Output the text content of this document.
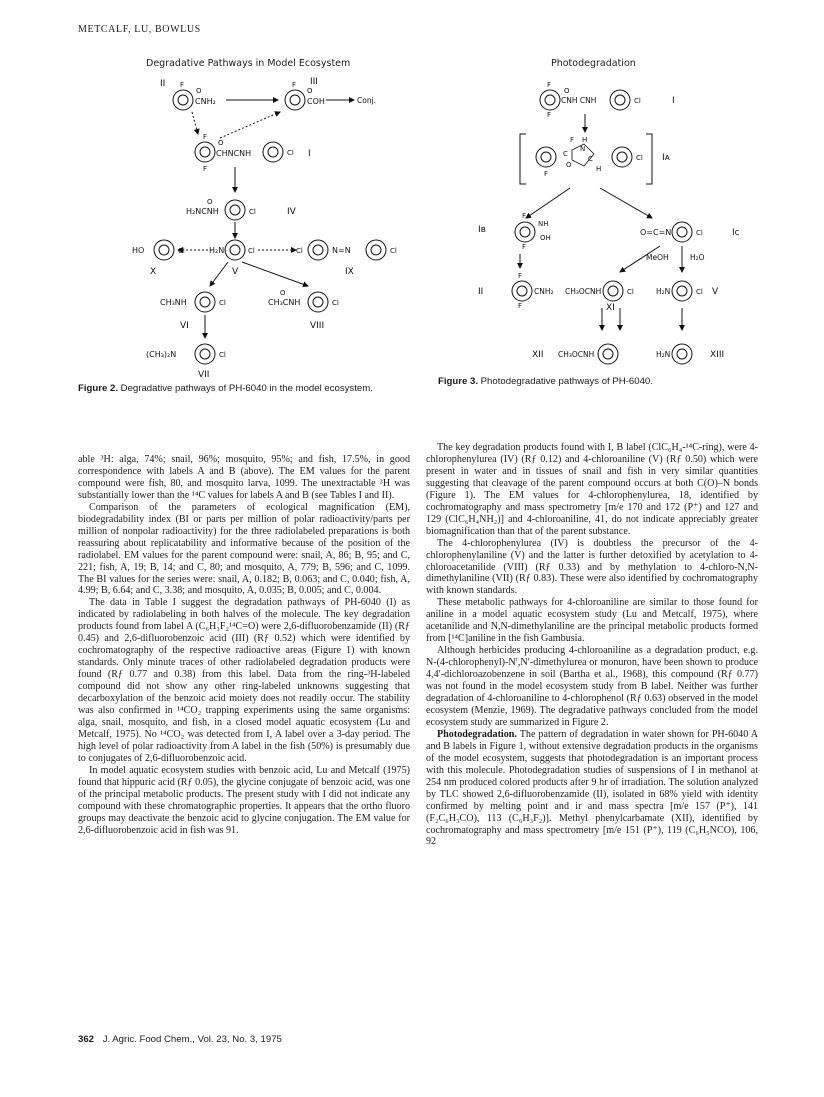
METCALF, LU, BOWLUS
Degradative Pathways in Model Ecosystem
II	III
F
O
CNH₂
F
O
COH	Conj.
F
O
CHNCNH	Cl I
F
O
H₂NCNH	Cl	IV
HO	Cl	H₂N	Cl	Cl	N=N	Cl
X	V	IX
CH₃NH	Cl
O
CH₃CNH	Cl
VI	VIII
(CH₃)₂N	Cl
VII
Figure 2. Degradative pathways of PH-6040 in the model ecosystem.
Photodegradation
F
O
CNH CNH	Cl	I
F
F H
N
C
C
O	H
Cl Iᴀ
F
Iʙ
F
NH
OH
F
O=C=N	Cl	Ic
MeOH	H₂O
II
F
CNH₂
F
CH₃OCNH	Cl
XI
H₂N	Cl V
XII CH₃OCNH	H₂N	XIII
Figure 3. Photodegradative pathways of PH-6040.

able ³H: alga, 74%; snail, 96%; mosquito, 95%; and fish, 17.5%, in good correspondence with labels A and B (above). The EM values for the parent compound were fish, 80, and mosquito larva, 1099. The unextractable ³H was substantially lower than the ¹⁴C values for labels A and B (see Tables I and II).

Comparison of the parameters of ecological magnification (EM), biodegradability index (BI or parts per million of polar radioactivity/parts per million of nonpolar radioactivity) for the three radiolabeled preparations is both reassuring about replicatability and informative because of the position of the radiolabel. EM values for the parent compound were: snail, A, 86; B, 95; and C, 221; fish, A, 19; B, 14; and C, 80; and mosquito, A, 779; B, 596; and C, 1099. The BI values for the series were: snail, A, 0.182; B, 0.063; and C, 0.040; fish, A, 4.99; B, 6.64; and C, 3.38; and mosquito, A, 0.035; B, 0.005; and C, 0.004.

The data in Table I suggest the degradation pathways of PH-6040 (I) as indicated by radiolabeling in both halves of the molecule. The key degradation products found from label A (C₆H₃F₂¹⁴C=O) were 2,6-difluorobenzamide (II) (Rƒ 0.45) and 2,6-difluorobenzoic acid (III) (Rƒ 0.52) which were identified by cochromatography of the respective radioactive areas (Figure 1) with known standards. Only minute traces of other radiolabeled degradation products were found (Rƒ 0.77 and 0.38) from this label. Data from the ring-³H-labeled compound did not show any other ring-labeled unknowns suggesting that decarboxylation of the benzoic acid moiety does not readily occur. The stability was also confirmed in ¹⁴CO₂ trapping experiments using the same organisms: alga, snail, mosquito, and fish, in a closed model aquatic ecosystem (Lu and Metcalf, 1975). No ¹⁴CO₂ was detected from I, A label over a 3-day period. The high level of polar radioactivity from A label in the fish (50%) is presumably due to conjugates of 2,6-difluorobenzoic acid.

In model aquatic ecosystem studies with benzoic acid, Lu and Metcalf (1975) found that hippuric acid (Rƒ 0.05), the glycine conjugate of benzoic acid, was one of the principal metabolic products. The present study with I did not indicate any compound with these chromatographic properties. It appears that the ortho fluoro groups may deactivate the benzoic acid to glycine conjugation. The EM value for 2,6-difluorobenzoic acid in fish was 91.

The key degradation products found with I, B label (ClC₆H₄-¹⁴C-ring), were 4-chlorophenylurea (IV) (Rƒ 0.12) and 4-chloroaniline (V) (Rƒ 0.50) which were present in water and in tissues of snail and fish in very similar quantities suggesting that cleavage of the parent compound occurs at both C(O)–N bonds (Figure 1). The EM values for 4-chlorophenylurea, 18, identified by cochromatography and mass spectrometry [m/e 170 and 172 (P⁺) and 127 and 129 (ClC₆H₄NH₂)] and 4-chloroaniline, 41, do not indicate appreciably greater biomagnification than that of the parent substance.

The 4-chlorophenylurea (IV) is doubtless the precursor of the 4-chlorophenylaniline (V) and the latter is further detoxified by acetylation to 4-chloroacetanilide (VIII) (Rƒ 0.33) and by methylation to 4-chloro-N,N-dimethylaniline (VII) (Rƒ 0.83). These were also identified by cochromatography with known standards.

These metabolic pathways for 4-chloroaniline are similar to those found for aniline in a model aquatic ecosystem study (Lu and Metcalf, 1975), where acetanilide and N,N-dimethylaniline are the principal metabolic products formed from [¹⁴C]aniline in the fish Gambusia.

Although herbicides producing 4-chloroaniline as a degradation product, e.g. N-(4-chlorophenyl)-N′,N′-dimethylurea or monuron, have been shown to produce 4,4′-dichloroazobenzene in soil (Bartha et al., 1968), this compound (Rƒ 0.77) was not found in the model ecosystem study from B label. Neither was further degradation of 4-chloroaniline to 4-chlorophenol (Rƒ 0.63) observed in the model ecosystem (Menzie, 1969). The degradative pathways concluded from the model ecosystem study are summarized in Figure 2.

Photodegradation. The pattern of degradation in water shown for PH-6040 A and B labels in Figure 1, without extensive degradation products in the organisms of the model ecosystem, suggests that photodegradation is an important process with this molecule. Photodegradation studies of suspensions of I in methanol at 254 nm produced colored products after 9 hr of irradiation. The solution analyzed by TLC showed 2,6-difluorobenzamide (II), isolated in 68% yield with identity confirmed by melting point and ir and mass spectra [m/e 157 (P⁺), 141 (F₂C₆H₃CO), 113 (C₆H₃F₂)]. Methyl phenylcarbamate (XII), identified by cochromatography and mass spectrometry [m/e 151 (P⁺), 119 (C₆H₅NCO), 106, 92

362 J. Agric. Food Chem., Vol. 23, No. 3, 1975
